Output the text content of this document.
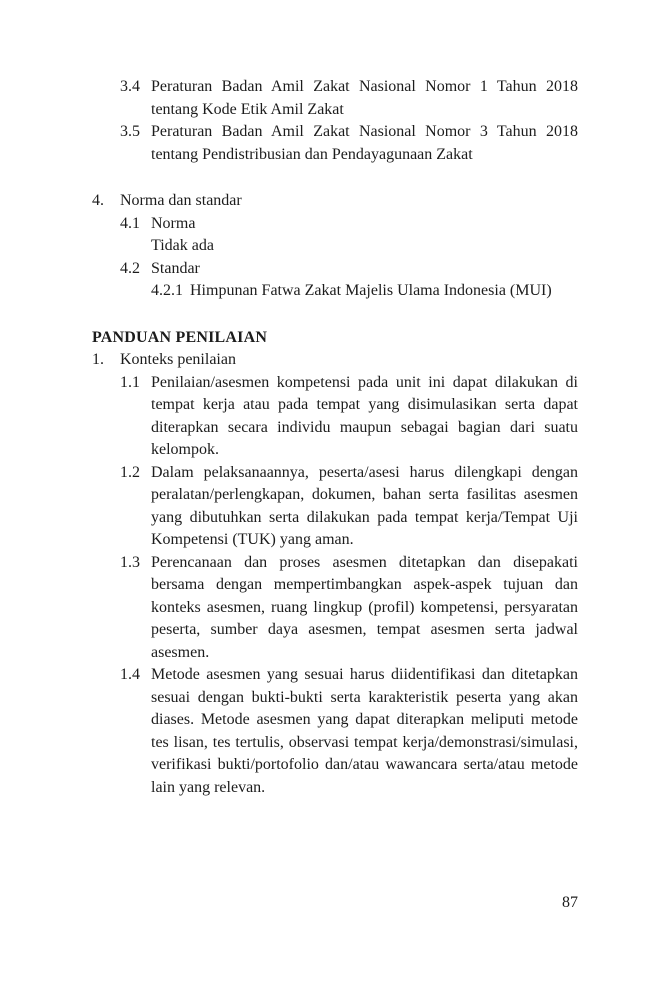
3.4 Peraturan Badan Amil Zakat Nasional Nomor 1 Tahun 2018 tentang Kode Etik Amil Zakat
3.5 Peraturan Badan Amil Zakat Nasional Nomor 3 Tahun 2018 tentang Pendistribusian dan Pendayagunaan Zakat
4.	Norma dan standar
4.1 Norma
Tidak ada
4.2 Standar
4.2.1 Himpunan Fatwa Zakat Majelis Ulama Indonesia (MUI)
PANDUAN PENILAIAN
1.	Konteks penilaian
1.1 Penilaian/asesmen kompetensi pada unit ini dapat dilakukan di tempat kerja atau pada tempat yang disimulasikan serta dapat diterapkan secara individu maupun sebagai bagian dari suatu kelompok.
1.2 Dalam pelaksanaannya, peserta/asesi harus dilengkapi dengan peralatan/perlengkapan, dokumen, bahan serta fasilitas asesmen yang dibutuhkan serta dilakukan pada tempat kerja/Tempat Uji Kompetensi (TUK) yang aman.
1.3 Perencanaan dan proses asesmen ditetapkan dan disepakati bersama dengan mempertimbangkan aspek-aspek tujuan dan konteks asesmen, ruang lingkup (profil) kompetensi, persyaratan peserta, sumber daya asesmen, tempat asesmen serta jadwal asesmen.
1.4 Metode asesmen yang sesuai harus diidentifikasi dan ditetapkan sesuai dengan bukti-bukti serta karakteristik peserta yang akan diases. Metode asesmen yang dapat diterapkan meliputi metode tes lisan, tes tertulis, observasi tempat kerja/demonstrasi/simulasi, verifikasi bukti/portofolio dan/atau wawancara serta/atau metode lain yang relevan.
87
